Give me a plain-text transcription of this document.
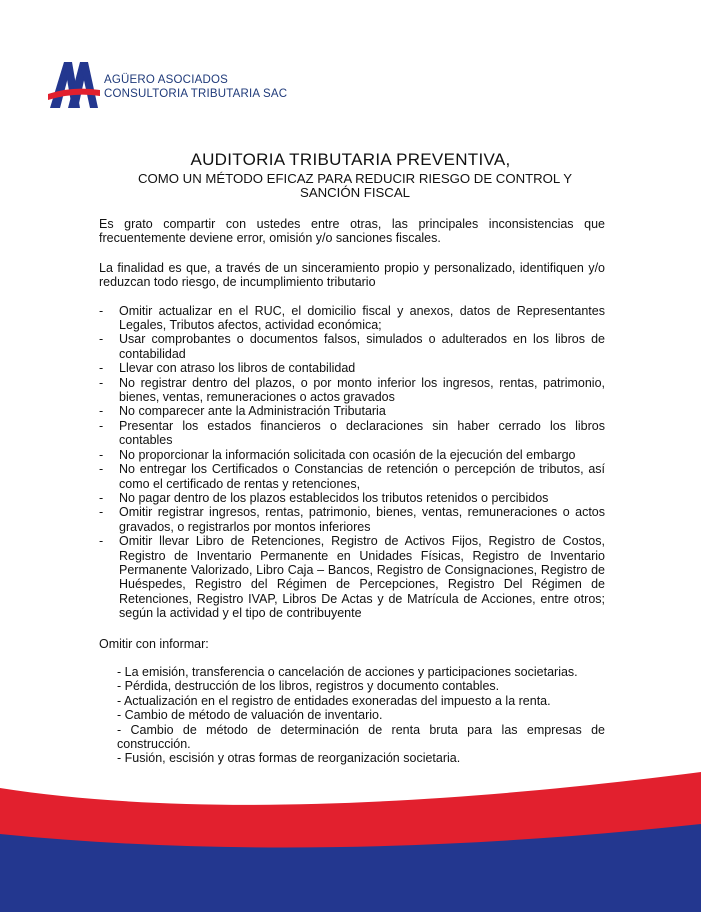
AGÜERO ASOCIADOS
CONSULTORIA TRIBUTARIA SAC
AUDITORIA TRIBUTARIA PREVENTIVA,
COMO UN MÉTODO EFICAZ PARA REDUCIR RIESGO DE CONTROL Y SANCIÓN FISCAL

Es grato compartir con ustedes entre otras, las principales inconsistencias que frecuentemente deviene error, omisión y/o sanciones fiscales.

La finalidad es que, a través de un sinceramiento propio y personalizado, identifiquen y/o reduzcan todo riesgo, de incumplimiento tributario

- Omitir actualizar en el RUC, el domicilio fiscal y anexos, datos de Representantes Legales, Tributos afectos, actividad económica;
- Usar comprobantes o documentos falsos, simulados o adulterados en los libros de contabilidad
- Llevar con atraso los libros de contabilidad
- No registrar dentro del plazos, o por monto inferior los ingresos, rentas, patrimonio, bienes, ventas, remuneraciones o actos gravados
- No comparecer ante la Administración Tributaria
- Presentar los estados financieros o declaraciones sin haber cerrado los libros contables
- No proporcionar la información solicitada con ocasión de la ejecución del embargo
- No entregar los Certificados o Constancias de retención o percepción de tributos, así como el certificado de rentas y retenciones,
- No pagar dentro de los plazos establecidos los tributos retenidos o percibidos
- Omitir registrar ingresos, rentas, patrimonio, bienes, ventas, remuneraciones o actos gravados, o registrarlos por montos inferiores
- Omitir llevar Libro de Retenciones, Registro de Activos Fijos, Registro de Costos, Registro de Inventario Permanente en Unidades Físicas, Registro de Inventario Permanente Valorizado, Libro Caja – Bancos, Registro de Consignaciones, Registro de Huéspedes, Registro del Régimen de Percepciones, Registro Del Régimen de Retenciones, Registro IVAP, Libros De Actas y de Matrícula de Acciones, entre otros; según la actividad y el tipo de contribuyente

Omitir con informar:

- La emisión, transferencia o cancelación de acciones y participaciones societarias.
- Pérdida, destrucción de los libros, registros y documento contables.
- Actualización en el registro de entidades exoneradas del impuesto a la renta.
- Cambio de método de valuación de inventario.
- Cambio de método de determinación de renta bruta para las empresas de construcción.
- Fusión, escisión y otras formas de reorganización societaria.
